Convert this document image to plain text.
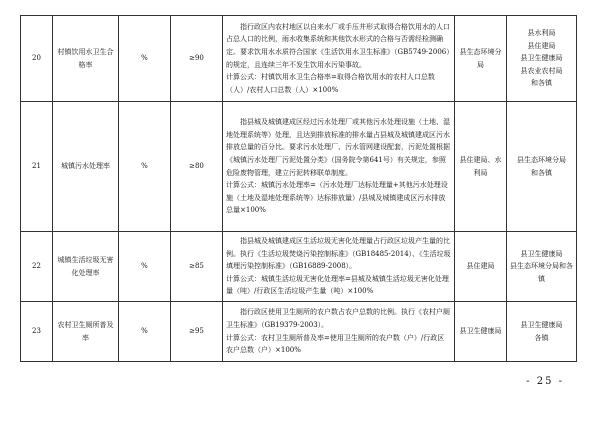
20	村镇饮用水卫生合格率	%	≥90	指行政区内农村地区以自来水厂或手压井形式取得合格饮用水的人口占总人口的比例，雨水收集系统和其他饮水形式的合格与否需经检测确定。要求饮用水水质符合国家《生活饮用水卫生标准》（GB5749-2006）的规定，且连续三年不发生饮用水污染事故。
计算公式：村镇饮用水卫生合格率=取得合格饮用水的农村人口总数（人）/农村人口总数（人）×100%	县生态环境分局	县水利局
县住建局
县卫生健康局
县农业农村局
和各镇

21	城镇污水处理率	%	≥80	指县城及城镇建成区经过污水处理厂或其他污水处理设施（土地、湿地处理系统等）处理，且达到排放标准的排水量占县城及城镇建成区污水排放总量的百分比。要求污水处理厂、污水管网建设配套，污泥处置根据《城镇污水处理厂污泥处置分类》（国务院令第641号）有关规定，参照危险废物管理，建立污泥转移联单制度。
计算公式：城镇污水处理率=（污水处理厂达标处理量+其他污水处理设施（土地及湿地处理系统等）达标排放量）/县城及城镇建成区污水排放总量×100%	县住建局、水利局	县生态环境分局
和各镇

22	城镇生活垃圾无害化处理率	%	≥85	指县城及城镇建成区生活垃圾无害化处理量占行政区垃圾产生量的比例。执行《生活垃圾焚烧污染控制标准》（GB18485-2014）、《生活垃圾填埋污染控制标准》（GB16889-2008）。
计算公式：城镇生活垃圾无害化处理率=县城及城镇生活垃圾无害化处理量（吨）/行政区生活垃圾产生量（吨）×100%	县住建局	县卫生健康局
县生态环境分局和各镇

23	农村卫生厕所普及率	%	≥95	指行政区使用卫生厕所的农户数占农户总数的比例。执行《农村户厕卫生标准》（GB19379-2003）。
计算公式：农村卫生厕所普及率=使用卫生厕所的农户数（户）/行政区农户总数（户）×100%	县卫生健康局	县卫生健康局
各镇
- 25 -
